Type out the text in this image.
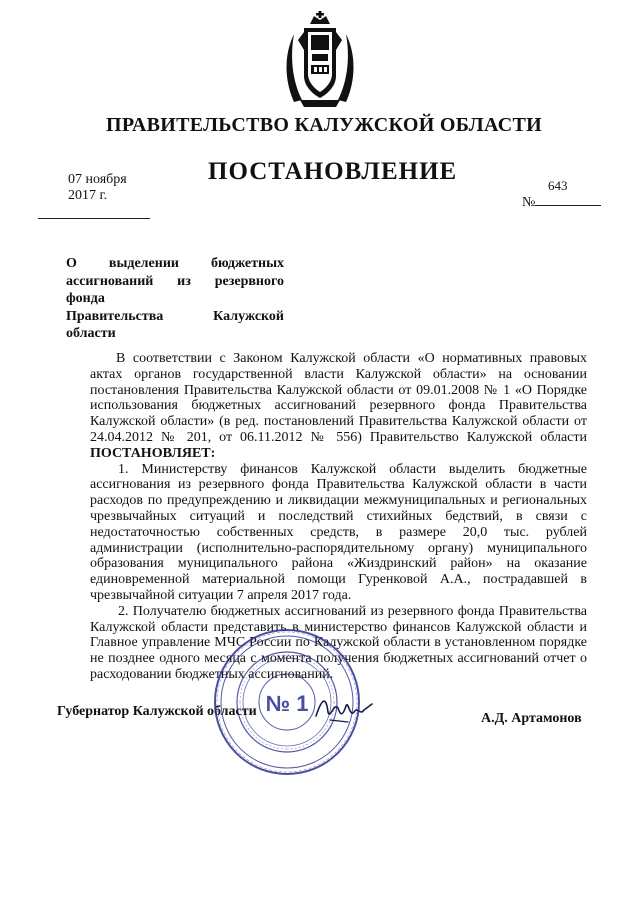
ПРАВИТЕЛЬСТВО КАЛУЖСКОЙ ОБЛАСТИ
ПОСТАНОВЛЕНИЕ
07 ноября 2017 г.
643
№
О выделении бюджетных
ассигнований из резервного фонда
Правительства Калужской
области

В соответствии с Законом Калужской области «О нормативных правовых актах органов государственной власти Калужской области» на основании постановления Правительства Калужской области от 09.01.2008 № 1 «О Порядке использования бюджетных ассигнований резервного фонда Правительства Калужской области» (в ред. постановлений Правительства Калужской области от 24.04.2012 № 201, от 06.11.2012 № 556) Правительство Калужской области ПОСТАНОВЛЯЕТ:

1. Министерству финансов Калужской области выделить бюджетные ассигнования из резервного фонда Правительства Калужской области в части расходов по предупреждению и ликвидации межмуниципальных и региональных чрезвычайных ситуаций и последствий стихийных бедствий, в связи с недостаточностью собственных средств, в размере 20,0 тыс. рублей администрации (исполнительно-распорядительному органу) муниципального образования муниципального района «Жиздринский район» на оказание единовременной материальной помощи Гуренковой А.А., пострадавшей в чрезвычайной ситуации 7 апреля 2017 года.

2. Получателю бюджетных ассигнований из резервного фонда Правительства Калужской области представить в министерство финансов Калужской области и Главное управление МЧС России по Калужской области в установленном порядке не позднее одного месяца с момента получения бюджетных ассигнований отчет о расходовании бюджетных ассигнований.

Губернатор Калужской области № 1
А.Д. Артамонов
